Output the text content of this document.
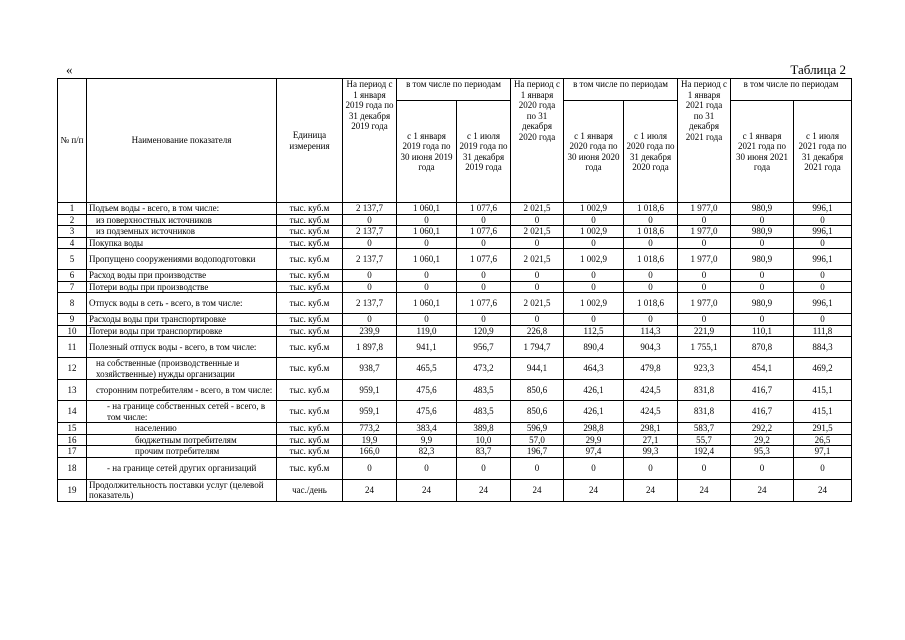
«	Таблица 2
№ п/п	Наименование показателя	Единица измерения	На период с 1 января 2019 года по 31 декабря 2019 года	в том числе по периодам		На период с 1 января 2020 года по 31 декабря 2020 года	в том числе по периодам		На период с 1 января 2021 года по 31 декабря 2021 года	в том числе по периодам	
				с 1 января 2019 года по 30 июня 2019 года	с 1 июля 2019 года по 31 декабря 2019 года		с 1 января 2020 года по 30 июня 2020 года	с 1 июля 2020 года по 31 декабря 2020 года		с 1 января 2021 года по 30 июня 2021 года	с 1 июля 2021 года по 31 декабря 2021 года
1	Подъем воды - всего, в том числе:	тыс. куб.м	2 137,7	1 060,1	1 077,6	2 021,5	1 002,9	1 018,6	1 977,0	980,9	996,1
2	из поверхностных источников	тыс. куб.м	0	0	0	0	0	0	0	0	0
3	из подземных источников	тыс. куб.м	2 137,7	1 060,1	1 077,6	2 021,5	1 002,9	1 018,6	1 977,0	980,9	996,1
4	Покупка воды	тыс. куб.м	0	0	0	0	0	0	0	0	0
5	Пропущено сооружениями водоподготовки	тыс. куб.м	2 137,7	1 060,1	1 077,6	2 021,5	1 002,9	1 018,6	1 977,0	980,9	996,1
6	Расход воды при производстве	тыс. куб.м	0	0	0	0	0	0	0	0	0
7	Потери воды при производстве	тыс. куб.м	0	0	0	0	0	0	0	0	0
8	Отпуск воды в сеть - всего, в том числе:	тыс. куб.м	2 137,7	1 060,1	1 077,6	2 021,5	1 002,9	1 018,6	1 977,0	980,9	996,1
9	Расходы воды при транспортировке	тыс. куб.м	0	0	0	0	0	0	0	0	0
10	Потери воды при транспортировке	тыс. куб.м	239,9	119,0	120,9	226,8	112,5	114,3	221,9	110,1	111,8
11	Полезный отпуск воды - всего, в том числе:	тыс. куб.м	1 897,8	941,1	956,7	1 794,7	890,4	904,3	1 755,1	870,8	884,3
12	на собственные (производственные и хозяйственные) нужды организации	тыс. куб.м	938,7	465,5	473,2	944,1	464,3	479,8	923,3	454,1	469,2
13	сторонним потребителям - всего, в том числе:	тыс. куб.м	959,1	475,6	483,5	850,6	426,1	424,5	831,8	416,7	415,1
14	- на границе собственных сетей - всего, в том числе:	тыс. куб.м	959,1	475,6	483,5	850,6	426,1	424,5	831,8	416,7	415,1
15	населению	тыс. куб.м	773,2	383,4	389,8	596,9	298,8	298,1	583,7	292,2	291,5
16	бюджетным потребителям	тыс. куб.м	19,9	9,9	10,0	57,0	29,9	27,1	55,7	29,2	26,5
17	прочим потребителям	тыс. куб.м	166,0	82,3	83,7	196,7	97,4	99,3	192,4	95,3	97,1
18	- на границе сетей других организаций	тыс. куб.м	0	0	0	0	0	0	0	0	0
19	Продолжительность поставки услуг (целевой показатель)	час./день	24	24	24	24	24	24	24	24	24
